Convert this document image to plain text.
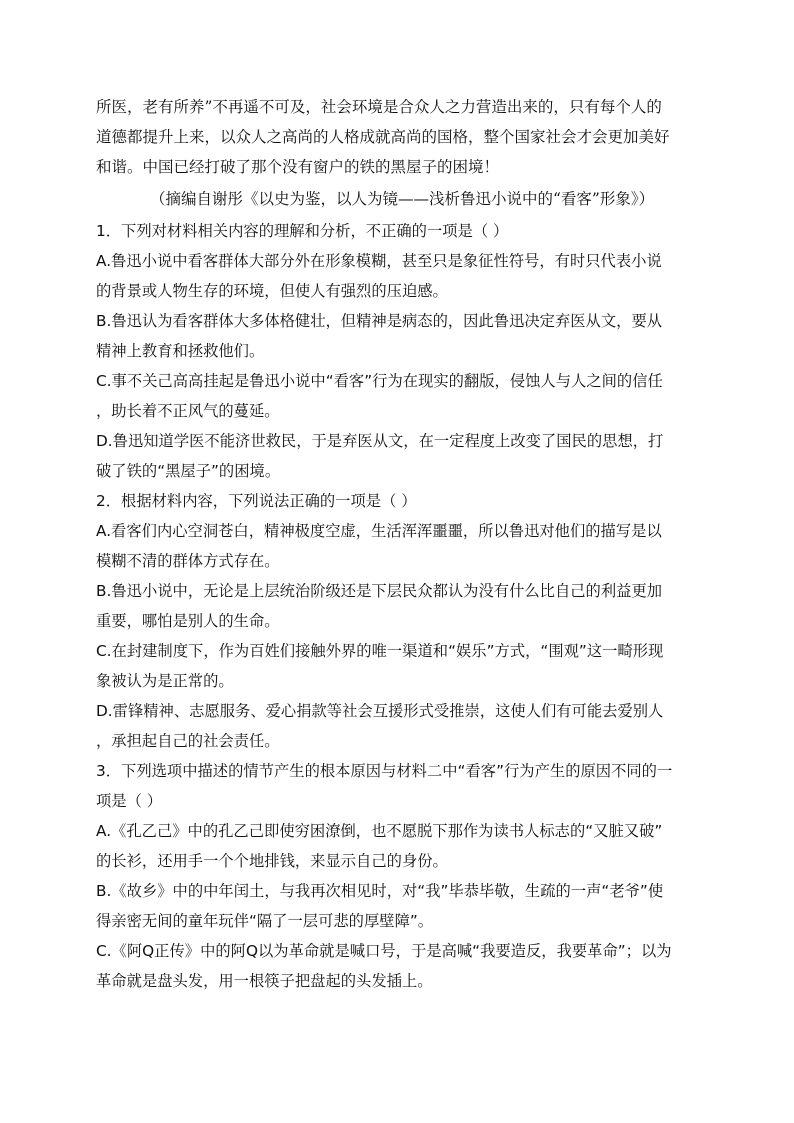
所医，老有所养”不再遥不可及，社会环境是合众人之力营造出来的，只有每个人的
道德都提升上来，以众人之高尚的人格成就高尚的国格，整个国家社会才会更加美好
和谐。中国已经打破了那个没有窗户的铁的黑屋子的困境！
（摘编自谢彤《以史为鉴，以人为镜——浅析鲁迅小说中的“看客”形象》）
1．下列对材料相关内容的理解和分析，不正确的一项是（ ）
A.鲁迅小说中看客群体大部分外在形象模糊，甚至只是象征性符号，有时只代表小说
的背景或人物生存的环境，但使人有强烈的压迫感。
B.鲁迅认为看客群体大多体格健壮，但精神是病态的，因此鲁迅决定弃医从文，要从
精神上教育和拯救他们。
C.事不关己高高挂起是鲁迅小说中“看客”行为在现实的翻版，侵蚀人与人之间的信任
，助长着不正风气的蔓延。
D.鲁迅知道学医不能济世救民，于是弃医从文，在一定程度上改变了国民的思想，打
破了铁的“黑屋子”的困境。
2．根据材料内容，下列说法正确的一项是（ ）
A.看客们内心空洞苍白，精神极度空虚，生活浑浑噩噩，所以鲁迅对他们的描写是以
模糊不清的群体方式存在。
B.鲁迅小说中，无论是上层统治阶级还是下层民众都认为没有什么比自己的利益更加
重要，哪怕是别人的生命。
C.在封建制度下，作为百姓们接触外界的唯一渠道和“娱乐”方式，“围观”这一畸形现
象被认为是正常的。
D.雷锋精神、志愿服务、爱心捐款等社会互援形式受推崇，这使人们有可能去爱别人
，承担起自己的社会责任。
3．下列选项中描述的情节产生的根本原因与材料二中“看客”行为产生的原因不同的一
项是（ ）
A.《孔乙己》中的孔乙己即使穷困潦倒，也不愿脱下那作为读书人标志的“又脏又破”
的长衫，还用手一个个地排钱，来显示自己的身份。
B.《故乡》中的中年闰土，与我再次相见时，对“我”毕恭毕敬，生疏的一声“老爷”使
得亲密无间的童年玩伴“隔了一层可悲的厚壁障”。
C.《阿Q正传》中的阿Q以为革命就是喊口号，于是高喊“我要造反，我要革命”；以为
革命就是盘头发，用一根筷子把盘起的头发插上。
